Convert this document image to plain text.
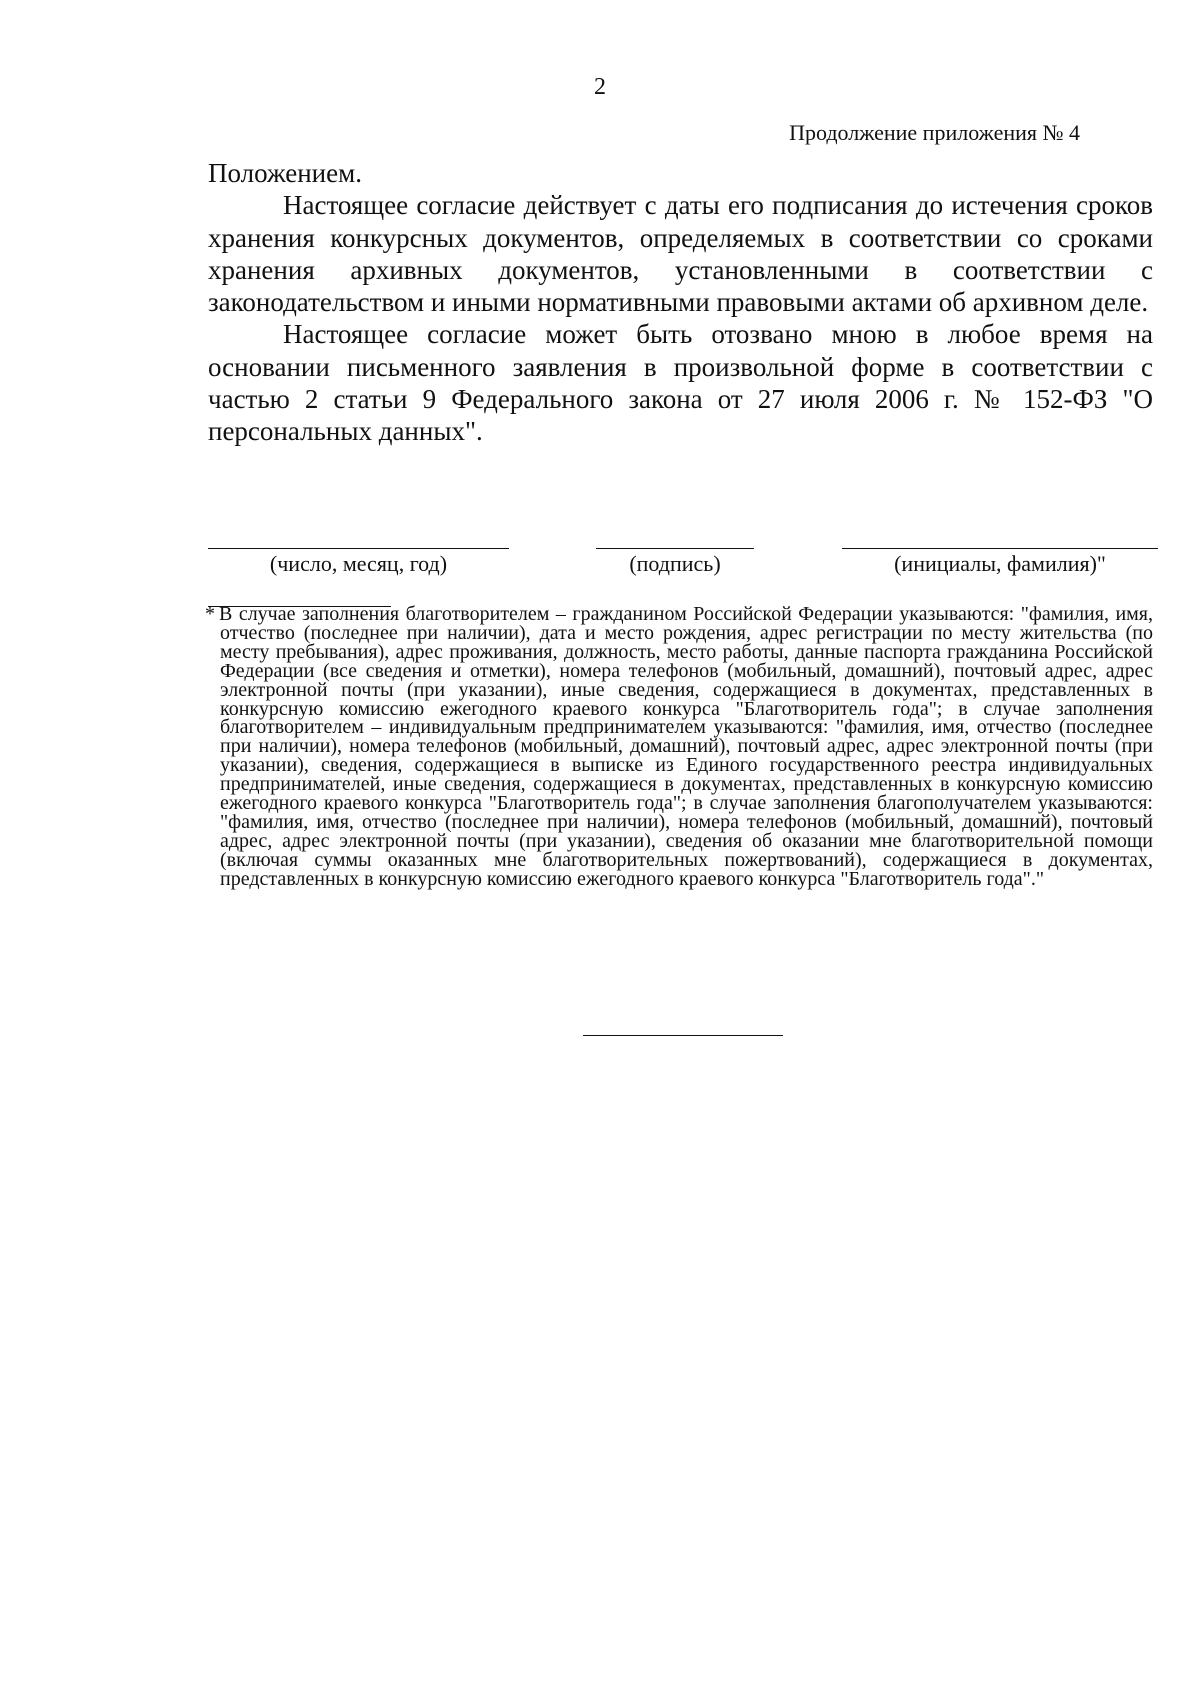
2
Продолжение приложения № 4

Положением.

Настоящее согласие действует с даты его подписания до истечения сроков хранения конкурсных документов, определяемых в соответствии со сроками хранения архивных документов, установленными в соответствии с законодательством и иными нормативными правовыми актами об архивном деле.

Настоящее согласие может быть отозвано мною в любое время на основании письменного заявления в произвольной форме в соответствии с частью 2 статьи 9 Федерального закона от 27 июля 2006 г. № 152-ФЗ "О персональных данных".

(число, месяц, год)	(подпись)	(инициалы, фамилия)"
* В случае заполнения благотворителем – гражданином Российской Федерации указываются: "фамилия, имя, отчество (последнее при наличии), дата и место рождения, адрес регистрации по месту жительства (по месту пребывания), адрес проживания, должность, место работы, данные паспорта гражданина Российской Федерации (все сведения и отметки), номера телефонов (мобильный, домашний), почтовый адрес, адрес электронной почты (при указании), иные сведения, содержащиеся в документах, представленных в конкурсную комиссию ежегодного краевого конкурса "Благотворитель года"; в случае заполнения благотворителем – индивидуальным предпринимателем указываются: "фамилия, имя, отчество (последнее при наличии), номера телефонов (мобильный, домашний), почтовый адрес, адрес электронной почты (при указании), сведения, содержащиеся в выписке из Единого государственного реестра индивидуальных предпринимателей, иные сведения, содержащиеся в документах, представленных в конкурсную комиссию ежегодного краевого конкурса "Благотворитель года"; в случае заполнения благополучателем указываются: "фамилия, имя, отчество (последнее при наличии), номера телефонов (мобильный, домашний), почтовый адрес, адрес электронной почты (при указании), сведения об оказании мне благотворительной помощи (включая суммы оказанных мне благотворительных пожертвований), содержащиеся в документах, представленных в конкурсную комиссию ежегодного краевого конкурса "Благотворитель года"."
